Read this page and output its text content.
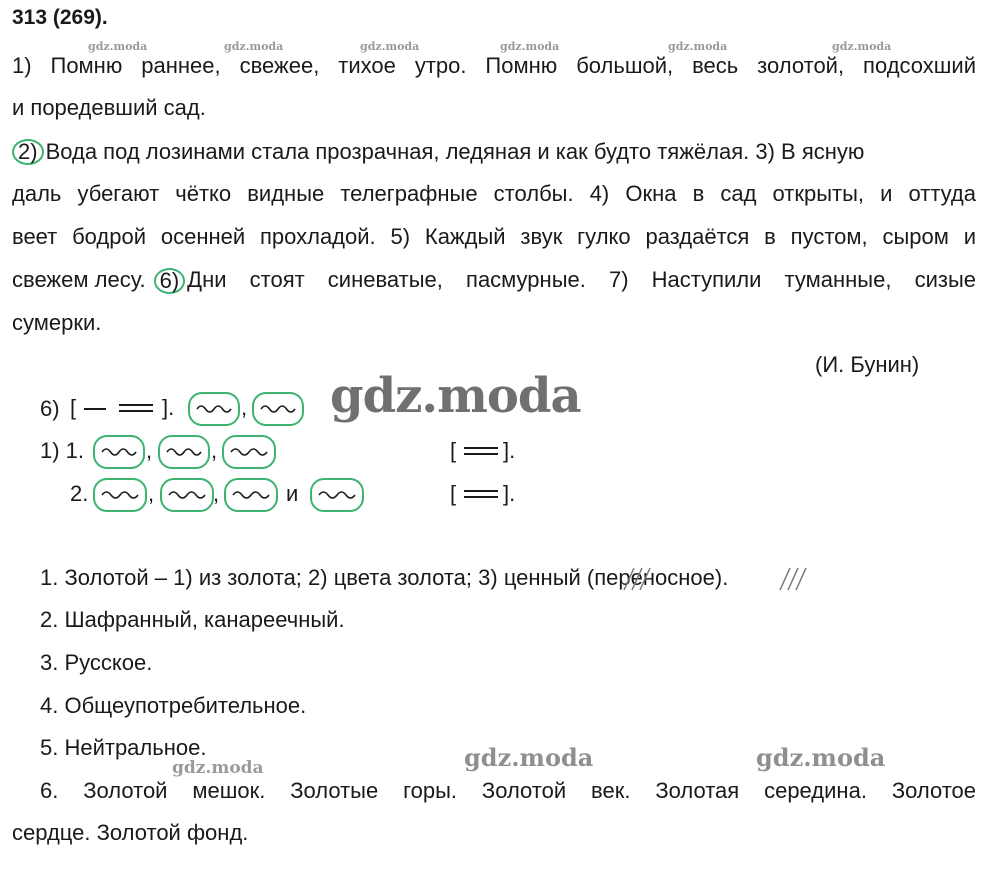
313 (269).
gdz.moda	gdz.moda	gdz.moda	gdz.moda	gdz.moda	gdz.moda
1) Помню раннее, свежее, тихое утро. Помню большой, весь золотой, подсохший
и поредевший сад.
2) Вода под лозинами стала прозрачная, ледяная и как будто тяжёлая. 3) В ясную
даль убегают чётко видные телеграфные столбы. 4) Окна в сад открыты, и оттуда
веет бодрой осенней прохладой. 5) Каждый звук гулко раздаётся в пустом, сыром и
свежем лесу. 6) Дни стоят синеватые, пасмурные. 7) Наступили туманные, сизые
сумерки.
(И. Бунин)
gdz.moda
6) [	].	,
1) 1.	,	,	[ ].
2.	,	,	и	[ ].
1. Золотой – 1) из золота; 2) цвета золота; 3) ценный (переносное).
2. Шафранный, канареечный.
3. Русское.
4. Общеупотребительное.
5. Нейтральное.	gdz.moda	gdz.moda
gdz.moda
6. Золотой мешок. Золотые горы. Золотой век. Золотая середина. Золотое
сердце. Золотой фонд.
